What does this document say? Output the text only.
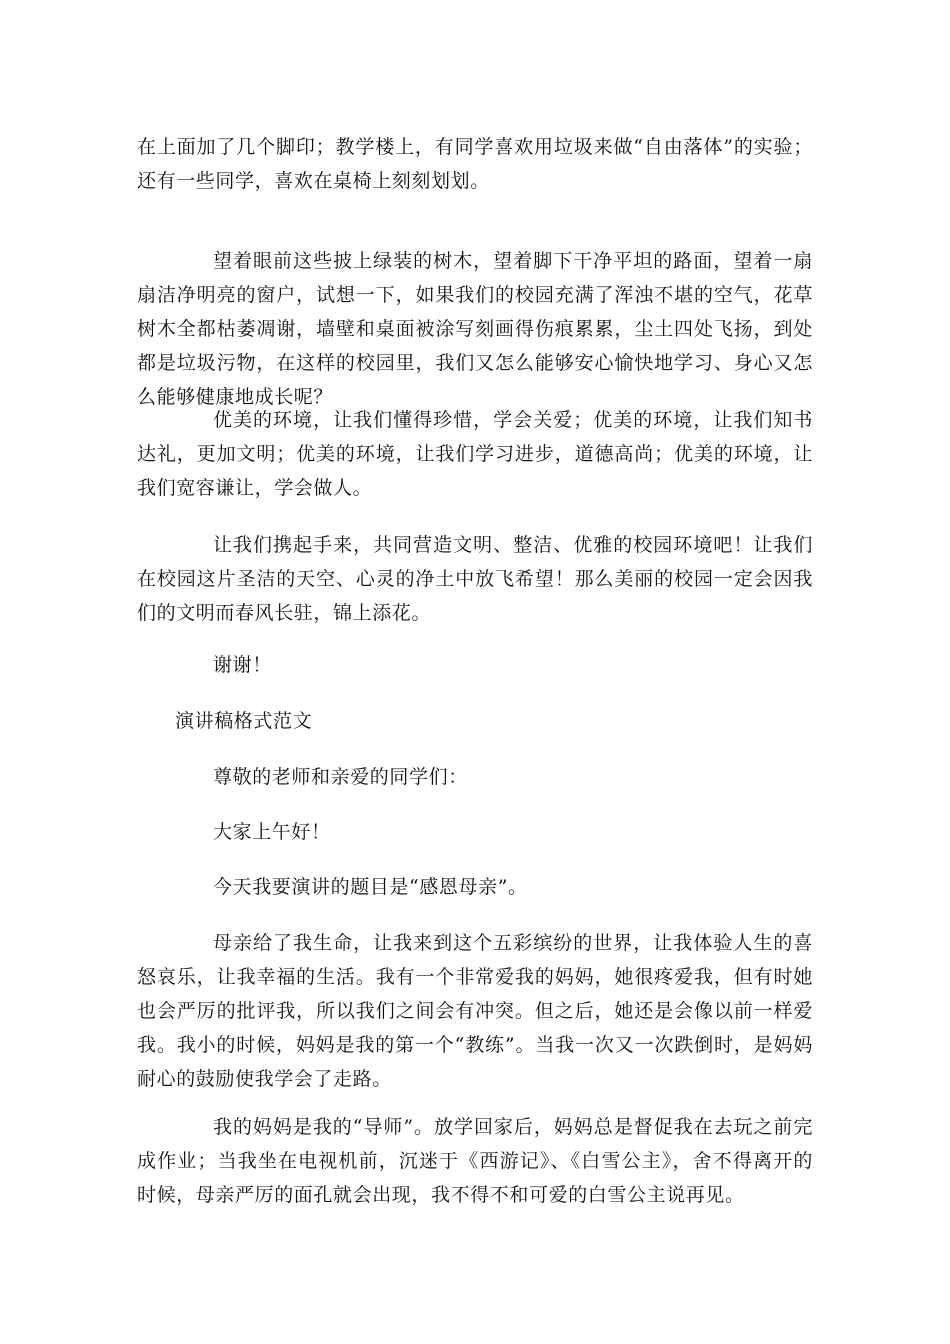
在上面加了几个脚印；教学楼上，有同学喜欢用垃圾来做“自由落体”的实验；还有一些同学，喜欢在桌椅上刻刻划划。

望着眼前这些披上绿装的树木，望着脚下干净平坦的路面，望着一扇扇洁净明亮的窗户，试想一下，如果我们的校园充满了浑浊不堪的空气，花草树木全都枯萎凋谢，墙壁和桌面被涂写刻画得伤痕累累，尘土四处飞扬，到处都是垃圾污物，在这样的校园里，我们又怎么能够安心愉快地学习、身心又怎么能够健康地成长呢？

优美的环境，让我们懂得珍惜，学会关爱；优美的环境，让我们知书达礼，更加文明；优美的环境，让我们学习进步，道德高尚；优美的环境，让我们宽容谦让，学会做人。

让我们携起手来，共同营造文明、整洁、优雅的校园环境吧！让我们在校园这片圣洁的天空、心灵的净土中放飞希望！那么美丽的校园一定会因我们的文明而春风长驻，锦上添花。

谢谢！

演讲稿格式范文

尊敬的老师和亲爱的同学们：

大家上午好！

今天我要演讲的题目是“感恩母亲”。

母亲给了我生命，让我来到这个五彩缤纷的世界，让我体验人生的喜怒哀乐，让我幸福的生活。我有一个非常爱我的妈妈，她很疼爱我，但有时她也会严厉的批评我，所以我们之间会有冲突。但之后，她还是会像以前一样爱我。我小的时候，妈妈是我的第一个“教练”。当我一次又一次跌倒时，是妈妈耐心的鼓励使我学会了走路。

我的妈妈是我的“导师”。放学回家后，妈妈总是督促我在去玩之前完成作业；当我坐在电视机前，沉迷于《西游记》、《白雪公主》，舍不得离开的时候，母亲严厉的面孔就会出现，我不得不和可爱的白雪公主说再见。
